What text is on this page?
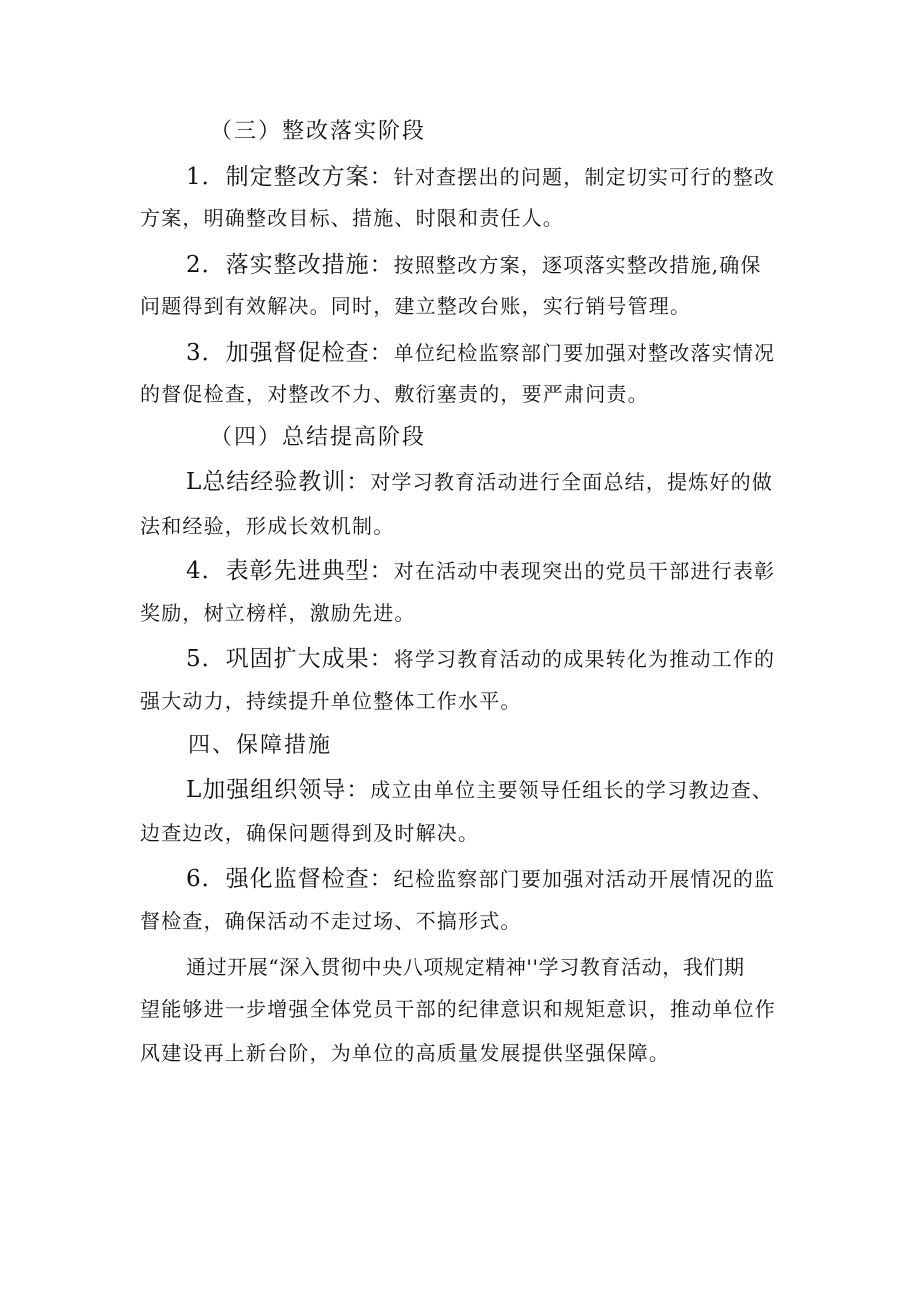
（三）整改落实阶段
1．制定整改方案：针对查摆出的问题，制定切实可行的整改
方案，明确整改目标、措施、时限和责任人。
2．落实整改措施：按照整改方案，逐项落实整改措施,确保
问题得到有效解决。同时，建立整改台账，实行销号管理。
3．加强督促检查：单位纪检监察部门要加强对整改落实情况
的督促检查，对整改不力、敷衍塞责的，要严肃问责。
（四）总结提高阶段
L总结经验教训：对学习教育活动进行全面总结，提炼好的做
法和经验，形成长效机制。
4．表彰先进典型：对在活动中表现突出的党员干部进行表彰
奖励，树立榜样，激励先进。
5．巩固扩大成果：将学习教育活动的成果转化为推动工作的
强大动力，持续提升单位整体工作水平。
四、保障措施
L加强组织领导：成立由单位主要领导任组长的学习教边查、
边查边改，确保问题得到及时解决。
6．强化监督检查：纪检监察部门要加强对活动开展情况的监
督检查，确保活动不走过场、不搞形式。
通过开展“深入贯彻中央八项规定精神''学习教育活动，我们期
望能够进一步增强全体党员干部的纪律意识和规矩意识，推动单位作
风建设再上新台阶，为单位的高质量发展提供坚强保障。
